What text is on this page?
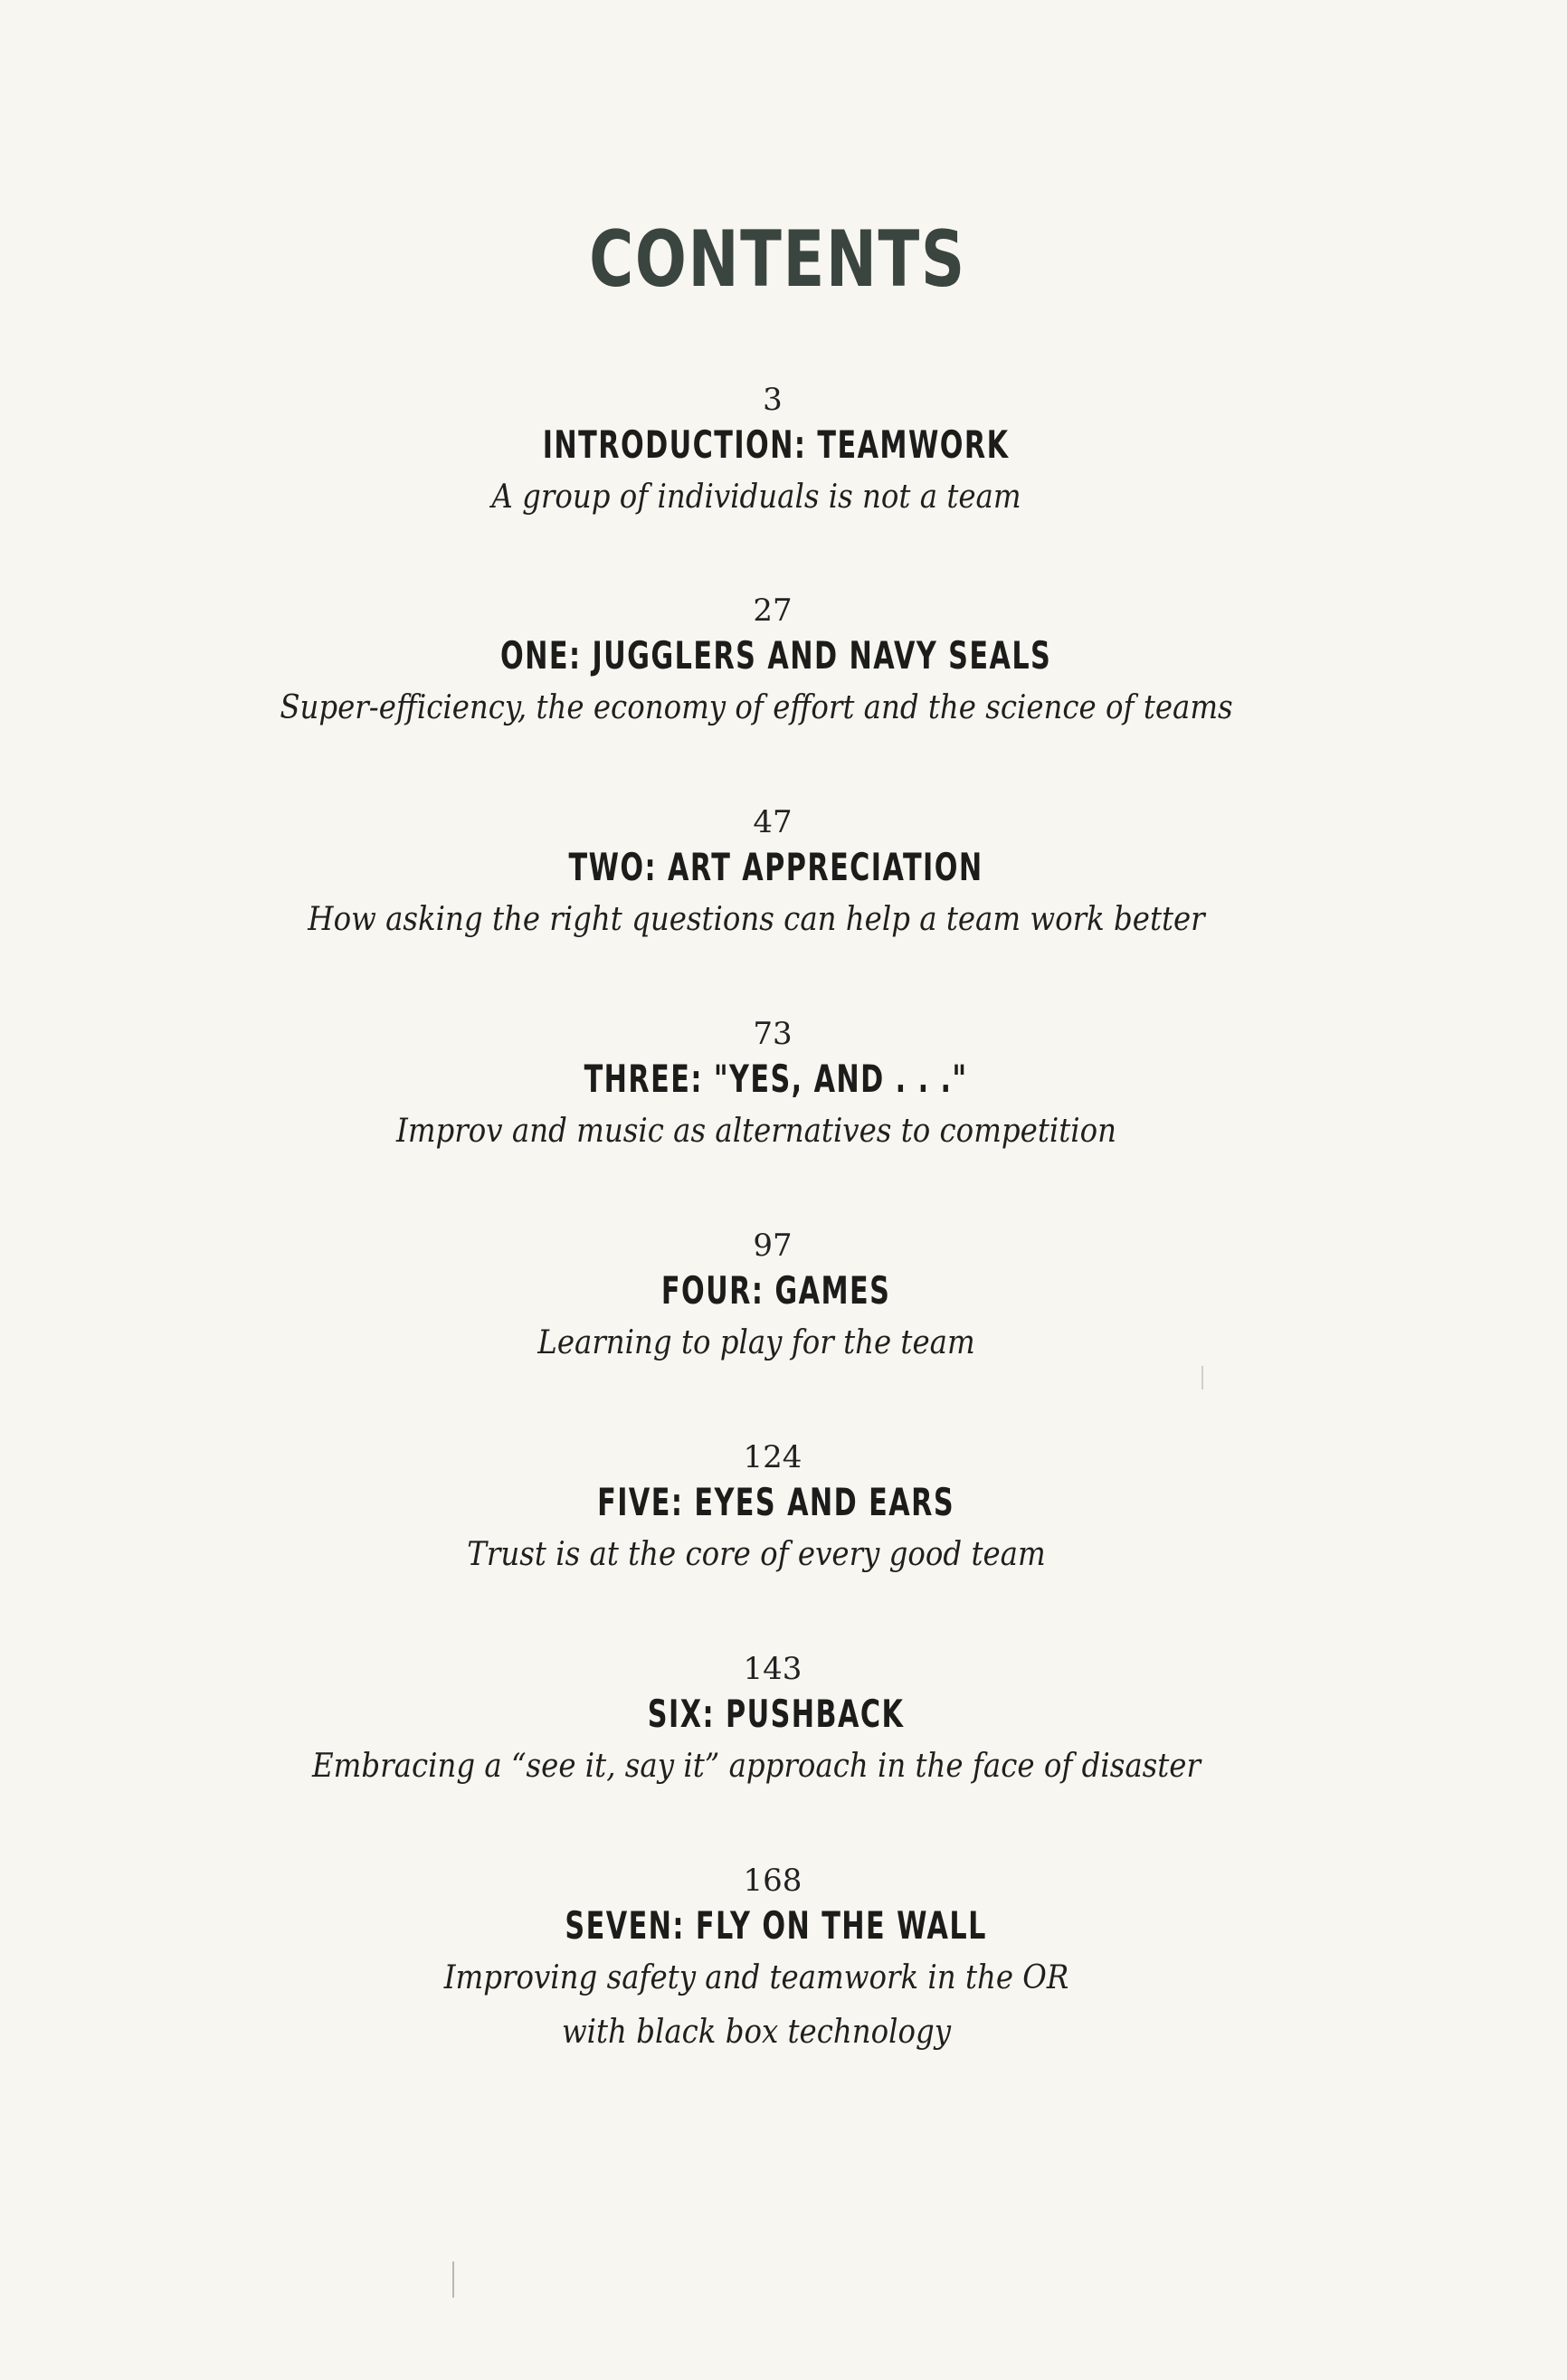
CONTENTS
3
INTRODUCTION: TEAMWORK
A group of individuals is not a team
27
ONE: JUGGLERS AND NAVY SEALS
Super-efficiency, the economy of effort and the science of teams
47
TWO: ART APPRECIATION
How asking the right questions can help a team work better
73
THREE: "YES, AND . . ."
Improv and music as alternatives to competition
97
FOUR: GAMES
Learning to play for the team
124
FIVE: EYES AND EARS
Trust is at the core of every good team
143
SIX: PUSHBACK
Embracing a “see it, say it” approach in the face of disaster
168
SEVEN: FLY ON THE WALL
Improving safety and teamwork in the OR
with black box technology
